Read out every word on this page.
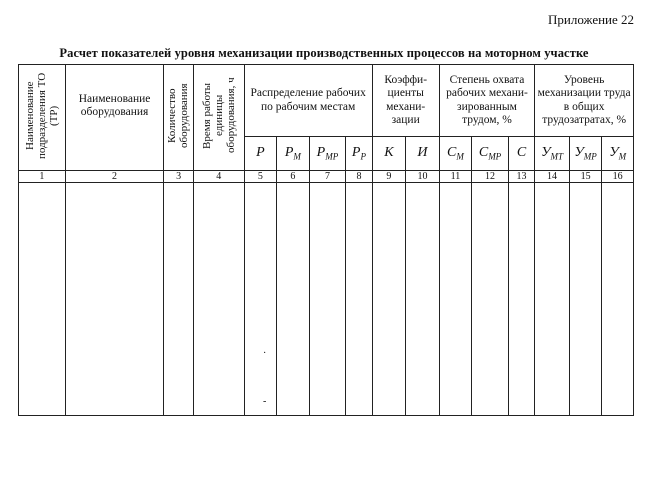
Приложение 22
Расчет показателей уровня механизации производственных процессов на моторном участке
Наименование подразделения ТО (ТР)	Наименование оборудования	Количество оборудования	Время работы единицы оборудования, ч	Распределение рабочих по рабочим местам				Коэффи- циенты механи- зации		Степень охвата рабочих механи- зированным трудом, %			Уровень механизации труда в общих трудозатратах, %		
				P	$P_М$	$P_{МР}$	$P_Р$	К	И	$C_М$	$C_{МР}$	C	$У_{МТ}$	$У_{МР}$	$У_М$
1	2	3	4	5	6	7	8	9	10	11	12	13	14	15	16

·
-
